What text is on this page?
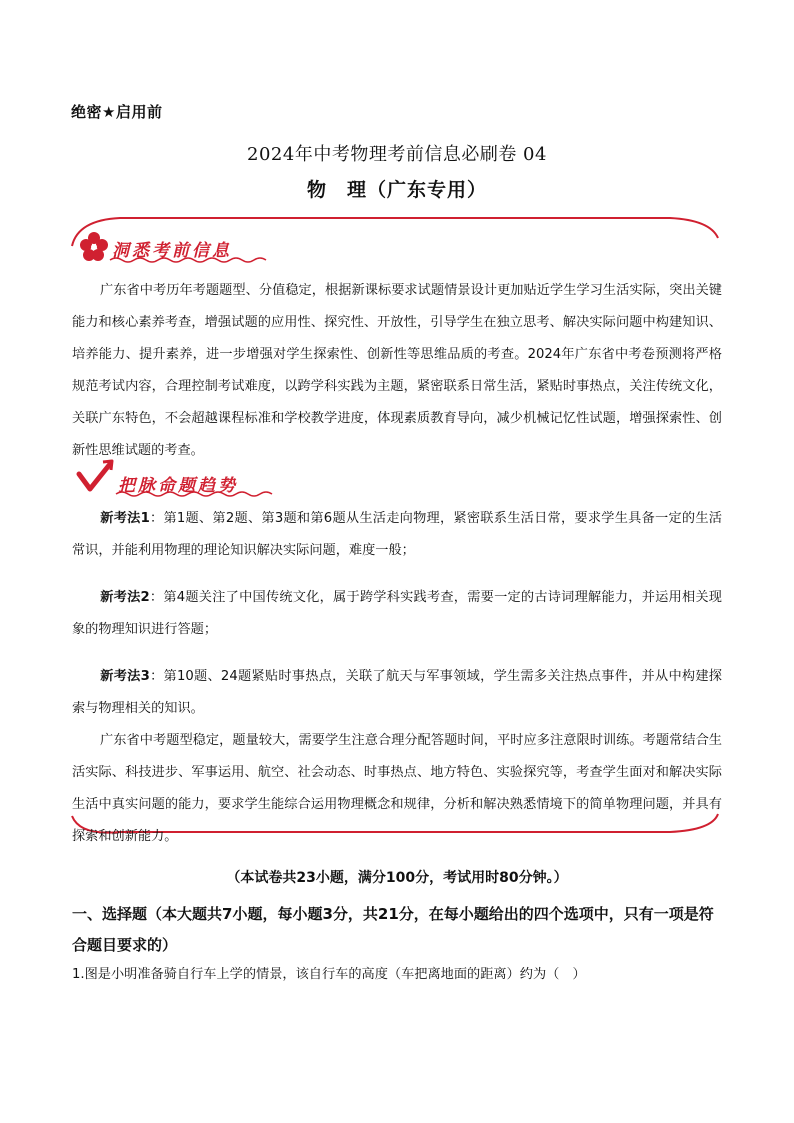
绝密★启用前
2024年中考物理考前信息必刷卷 04
物　理（广东专用）
洞悉考前信息
广东省中考历年考题题型、分值稳定，根据新课标要求试题情景设计更加贴近学生学习生活实际，突出关键能力和核心素养考查，增强试题的应用性、探究性、开放性，引导学生在独立思考、解决实际问题中构建知识、培养能力、提升素养，进一步增强对学生探索性、创新性等思维品质的考查。2024年广东省中考卷预测将严格规范考试内容，合理控制考试难度，以跨学科实践为主题，紧密联系日常生活，紧贴时事热点，关注传统文化，关联广东特色，不会超越课程标准和学校教学进度，体现素质教育导向，减少机械记忆性试题，增强探索性、创新性思维试题的考查。
把脉命题趋势
新考法1：第1题、第2题、第3题和第6题从生活走向物理，紧密联系生活日常，要求学生具备一定的生活常识，并能利用物理的理论知识解决实际问题，难度一般；
新考法2：第4题关注了中国传统文化，属于跨学科实践考查，需要一定的古诗词理解能力，并运用相关现象的物理知识进行答题；
新考法3：第10题、24题紧贴时事热点，关联了航天与军事领域，学生需多关注热点事件，并从中构建探索与物理相关的知识。
广东省中考题型稳定，题量较大，需要学生注意合理分配答题时间，平时应多注意限时训练。考题常结合生活实际、科技进步、军事运用、航空、社会动态、时事热点、地方特色、实验探究等，考查学生面对和解决实际生活中真实问题的能力，要求学生能综合运用物理概念和规律，分析和解决熟悉情境下的简单物理问题，并具有探索和创新能力。
（本试卷共23小题，满分100分，考试用时80分钟。）
一、选择题（本大题共7小题，每小题3分，共21分，在每小题给出的四个选项中，只有一项是符合题目要求的）
1.图是小明准备骑自行车上学的情景，该自行车的高度（车把离地面的距离）约为（　）
